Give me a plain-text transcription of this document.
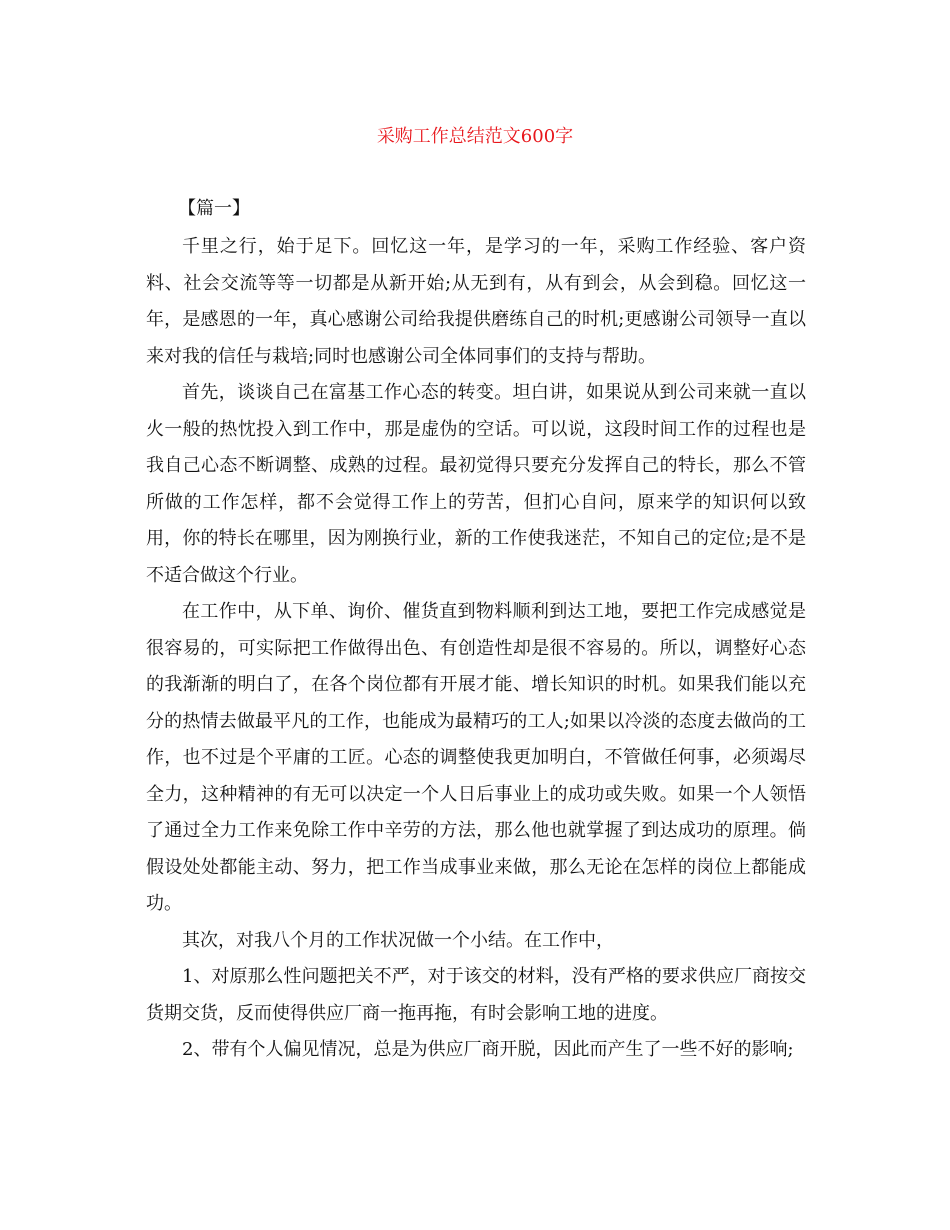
采购工作总结范文600字
【篇一】

千里之行，始于足下。回忆这一年，是学习的一年，采购工作经验、客户资料、社会交流等等一切都是从新开始;从无到有，从有到会，从会到稳。回忆这一年，是感恩的一年，真心感谢公司给我提供磨练自己的时机;更感谢公司领导一直以来对我的信任与栽培;同时也感谢公司全体同事们的支持与帮助。

首先，谈谈自己在富基工作心态的转变。坦白讲，如果说从到公司来就一直以火一般的热忱投入到工作中，那是虚伪的空话。可以说，这段时间工作的过程也是我自己心态不断调整、成熟的过程。最初觉得只要充分发挥自己的特长，那么不管所做的工作怎样，都不会觉得工作上的劳苦，但扪心自问，原来学的知识何以致用，你的特长在哪里，因为刚换行业，新的工作使我迷茫，不知自己的定位;是不是不适合做这个行业。

在工作中，从下单、询价、催货直到物料顺利到达工地，要把工作完成感觉是很容易的，可实际把工作做得出色、有创造性却是很不容易的。所以，调整好心态的我渐渐的明白了，在各个岗位都有开展才能、增长知识的时机。如果我们能以充分的热情去做最平凡的工作，也能成为最精巧的工人;如果以冷淡的态度去做尚的工作，也不过是个平庸的工匠。心态的调整使我更加明白，不管做任何事，必须竭尽全力，这种精神的有无可以决定一个人日后事业上的成功或失败。如果一个人领悟了通过全力工作来免除工作中辛劳的方法，那么他也就掌握了到达成功的原理。倘假设处处都能主动、努力，把工作当成事业来做，那么无论在怎样的岗位上都能成功。

其次，对我八个月的工作状况做一个小结。在工作中，

1、对原那么性问题把关不严，对于该交的材料，没有严格的要求供应厂商按交货期交货，反而使得供应厂商一拖再拖，有时会影响工地的进度。

2、带有个人偏见情况，总是为供应厂商开脱，因此而产生了一些不好的影响;
